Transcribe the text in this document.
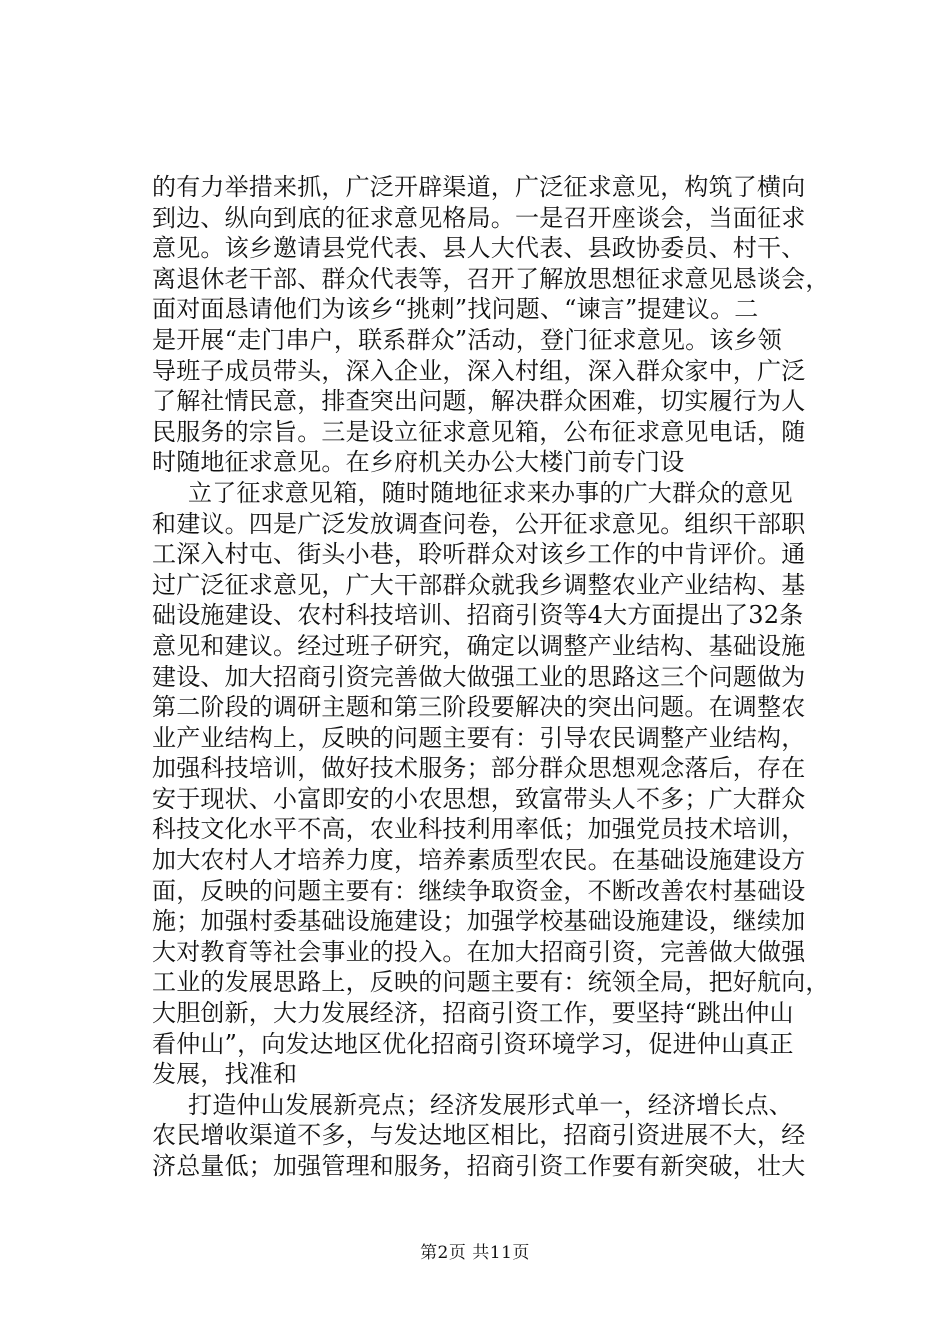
的有力举措来抓，广泛开辟渠道，广泛征求意见，构筑了横向
到边、纵向到底的征求意见格局。一是召开座谈会，当面征求
意见。该乡邀请县党代表、县人大代表、县政协委员、村干、
离退休老干部、群众代表等，召开了解放思想征求意见恳谈会，
面对面恳请他们为该乡“挑刺”找问题、“谏言”提建议。二
是开展“走门串户，联系群众”活动，登门征求意见。该乡领
导班子成员带头，深入企业，深入村组，深入群众家中，广泛
了解社情民意，排查突出问题，解决群众困难，切实履行为人
民服务的宗旨。三是设立征求意见箱，公布征求意见电话，随
时随地征求意见。在乡府机关办公大楼门前专门设
立了征求意见箱，随时随地征求来办事的广大群众的意见
和建议。四是广泛发放调查问卷，公开征求意见。组织干部职
工深入村屯、街头小巷，聆听群众对该乡工作的中肯评价。通
过广泛征求意见，广大干部群众就我乡调整农业产业结构、基
础设施建设、农村科技培训、招商引资等4大方面提出了32条
意见和建议。经过班子研究，确定以调整产业结构、基础设施
建设、加大招商引资完善做大做强工业的思路这三个问题做为
第二阶段的调研主题和第三阶段要解决的突出问题。在调整农
业产业结构上，反映的问题主要有：引导农民调整产业结构，
加强科技培训，做好技术服务；部分群众思想观念落后，存在
安于现状、小富即安的小农思想，致富带头人不多；广大群众
科技文化水平不高，农业科技利用率低；加强党员技术培训，
加大农村人才培养力度，培养素质型农民。在基础设施建设方
面，反映的问题主要有：继续争取资金，不断改善农村基础设
施；加强村委基础设施建设；加强学校基础设施建设，继续加
大对教育等社会事业的投入。在加大招商引资，完善做大做强
工业的发展思路上，反映的问题主要有：统领全局，把好航向，
大胆创新，大力发展经济，招商引资工作，要坚持“跳出仲山
看仲山”，向发达地区优化招商引资环境学习，促进仲山真正
发展，找准和
打造仲山发展新亮点；经济发展形式单一，经济增长点、
农民增收渠道不多，与发达地区相比，招商引资进展不大，经
济总量低；加强管理和服务，招商引资工作要有新突破，壮大
第2页 共11页
